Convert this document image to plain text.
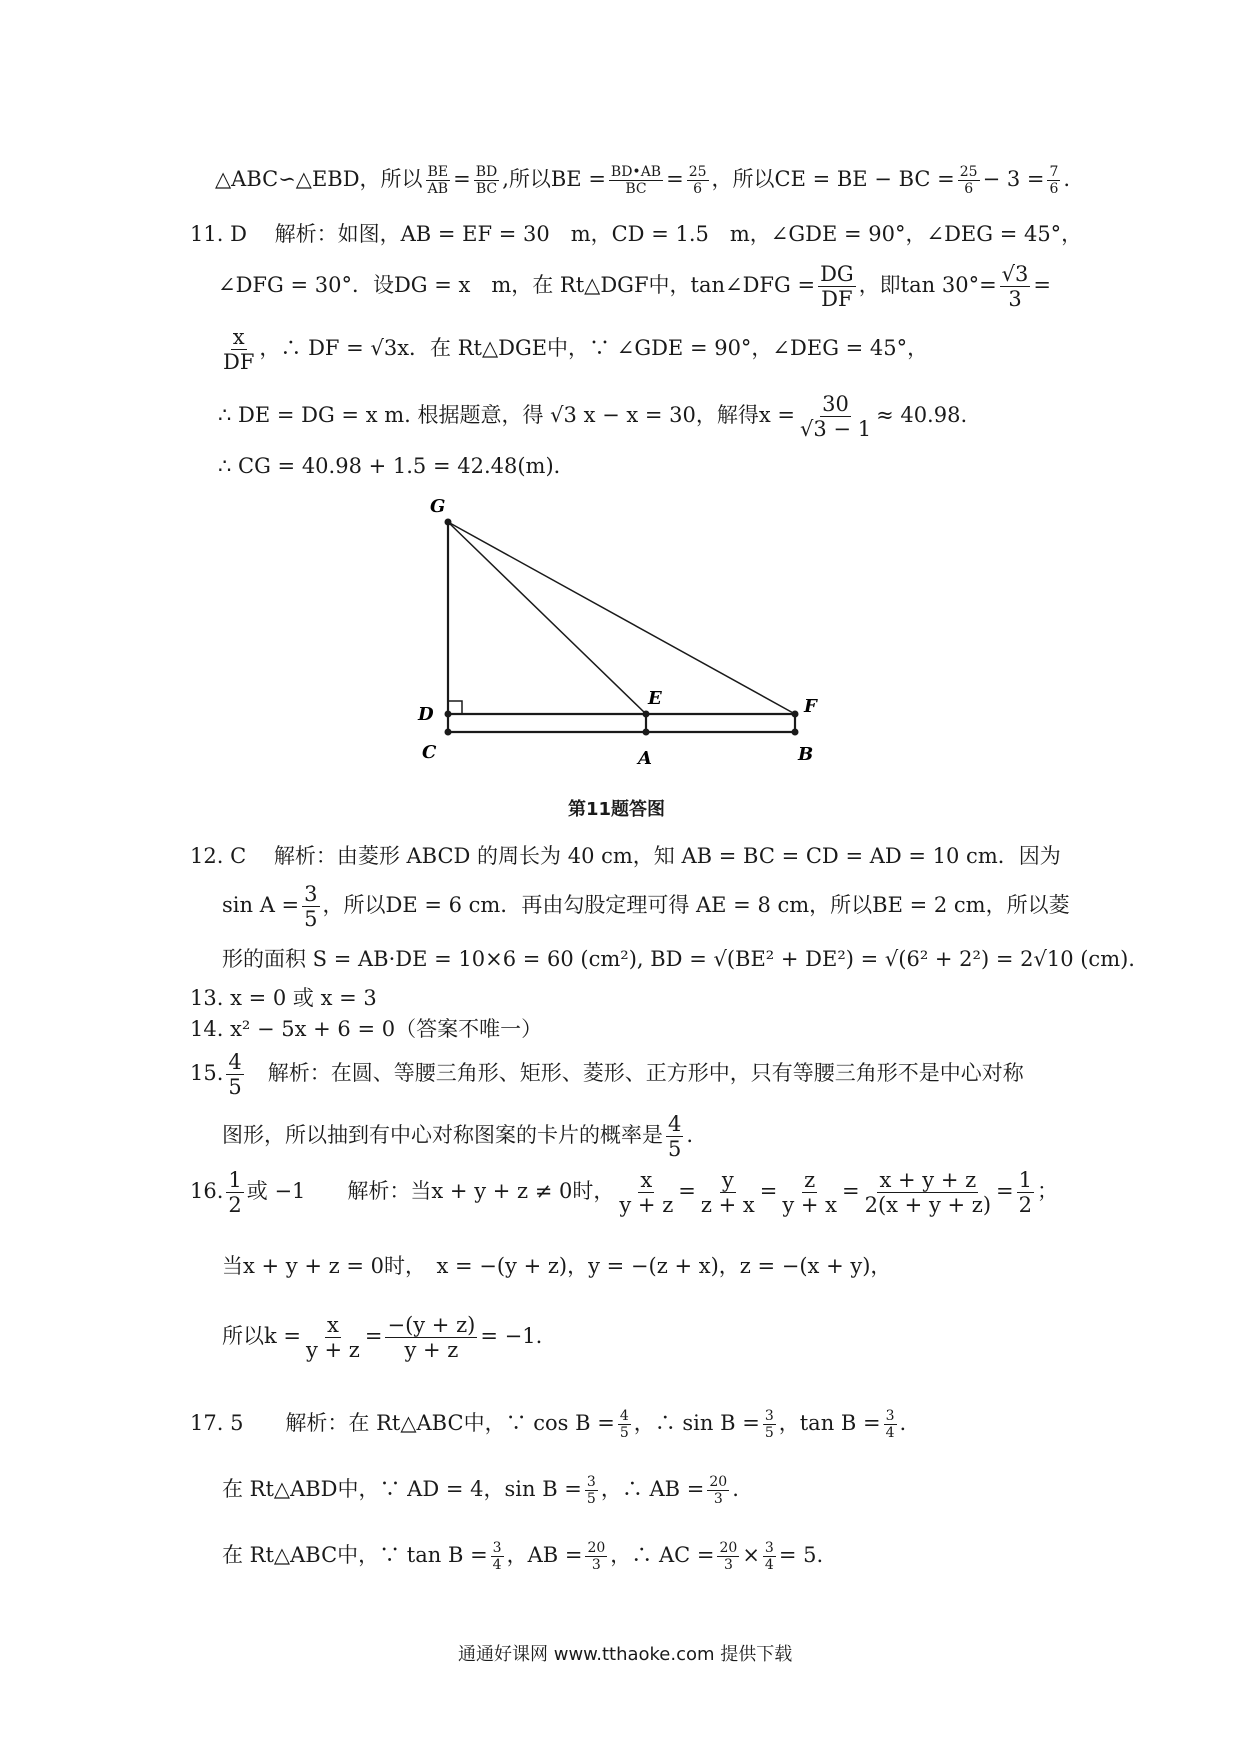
△ABC∽△EBD，所以 $\frac{BE}{AB} = \frac{BD}{BC}$ ,所以BE = $\frac{BD•AB}{BC} = \frac{25}{6}$ ，所以CE = BE − BC = $\frac{25}{6} - 3 = \frac{7}{6}$ .
11. D　 解析：如图，AB = EF = 30　m，CD = 1.5　m，∠GDE = 90°，∠DEG = 45°，
∠DFG = 30°．设DG = x　m，在 Rt△DGF中，tan∠DFG = $\frac{DG}{DF}$ ，即$\tan 30^\circ= \frac{√3}{3}$ =
$\frac{x}{DF}$ ，∴ DF = √3x．在 Rt△DGE中，∵ ∠GDE = 90°，∠DEG = 45°，
∴ DE = DG = x m. 根据题意，得 √3 x − x = 30，解得$x = \frac{30}{√3 - 1} \approx 40.98$.
∴ CG = 40.98 + 1.5 = 42.48(m)．
G
D
C
E
A
F
B
第11题答图
12. C　 解析：由菱形 ABCD 的周长为 40 cm，知 AB = BC = CD = AD = 10 cm．因为
$\sin A = \frac{3}{5}$ ，所以DE = 6 cm．再由勾股定理可得 AE = 8 cm，所以BE = 2 cm，所以菱
形的面积 S = AB·DE = 10×6 = 60 (cm²), BD = √(BE² + DE²) = √(6² + 2²) = 2√10 (cm).
13. x = 0 或 x = 3
14. x² − 5x + 6 = 0（答案不唯一）
15. $\frac{4}{5}$ 　解析：在圆、等腰三角形、矩形、菱形、正方形中，只有等腰三角形不是中心对称
图形，所以抽到有中心对称图案的卡片的概率是 $\frac{4}{5}$ .
16. $\frac{1}{2}$ 或 −1　　解析：当x + y + z ≠ 0时， $\frac{x}{y + z} = \frac{y}{z + x} = \frac{z}{y + x} = \frac{x + y + z}{2(x + y + z)} = \frac{1}{2}$ ；
当x + y + z = 0时，　x = −(y + z)，y = −(z + x)，z = −(x + y)，
所以$k = \frac{x}{y + z} = \frac{-(y + z)}{y + z} = -1$.
17. 5　　解析：在 Rt△ABC中，∵ $\cos B = \frac{4}{5}$ ，∴ $\sin B = \frac{3}{5}$ ，$\tan B = \frac{3}{4}$ .
在 Rt△ABD中，∵ AD = 4，$\sin B = \frac{3}{5}$ ，∴ AB = $\frac{20}{3}$ .
在 Rt△ABC中，∵ $\tan B = \frac{3}{4}$ ，AB = $\frac{20}{3}$ ，∴ AC = $\frac{20}{3} \times \frac{3}{4} = 5$.
通通好课网 www.tthaoke.com 提供下载
